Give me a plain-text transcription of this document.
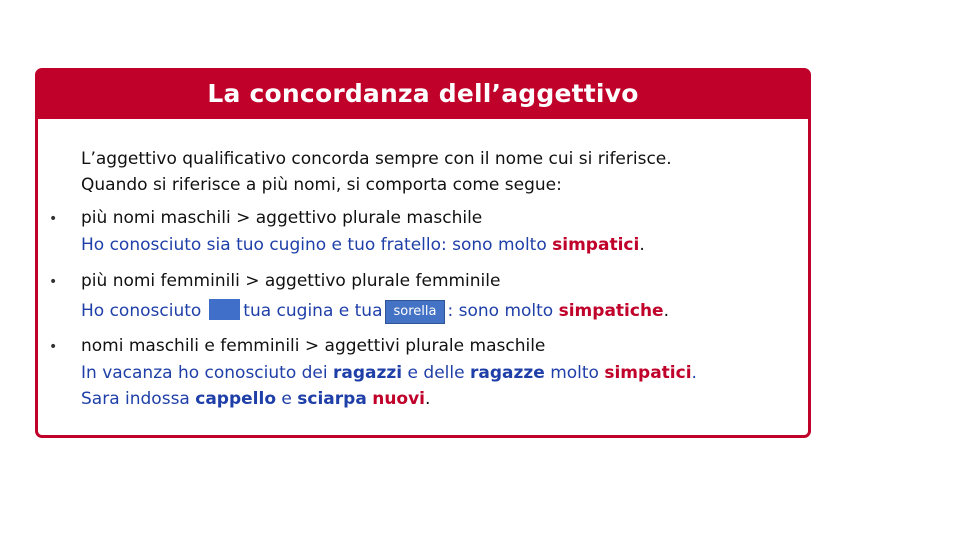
La concordanza dell’aggettivo
L’aggettivo qualificativo concorda sempre con il nome cui si riferisce.
Quando si riferisce a più nomi, si comporta come segue:
• più nomi maschili > aggettivo plurale maschile
Ho conosciuto sia tuo cugino e tuo fratello: sono molto simpatici.
• più nomi femminili > aggettivo plurale femminile
Ho conosciuto tua cugina e tua sorella : sono molto simpatiche.
• nomi maschili e femminili > aggettivi plurale maschile
In vacanza ho conosciuto dei ragazzi e delle ragazze molto simpatici.
Sara indossa cappello e sciarpa nuovi.
